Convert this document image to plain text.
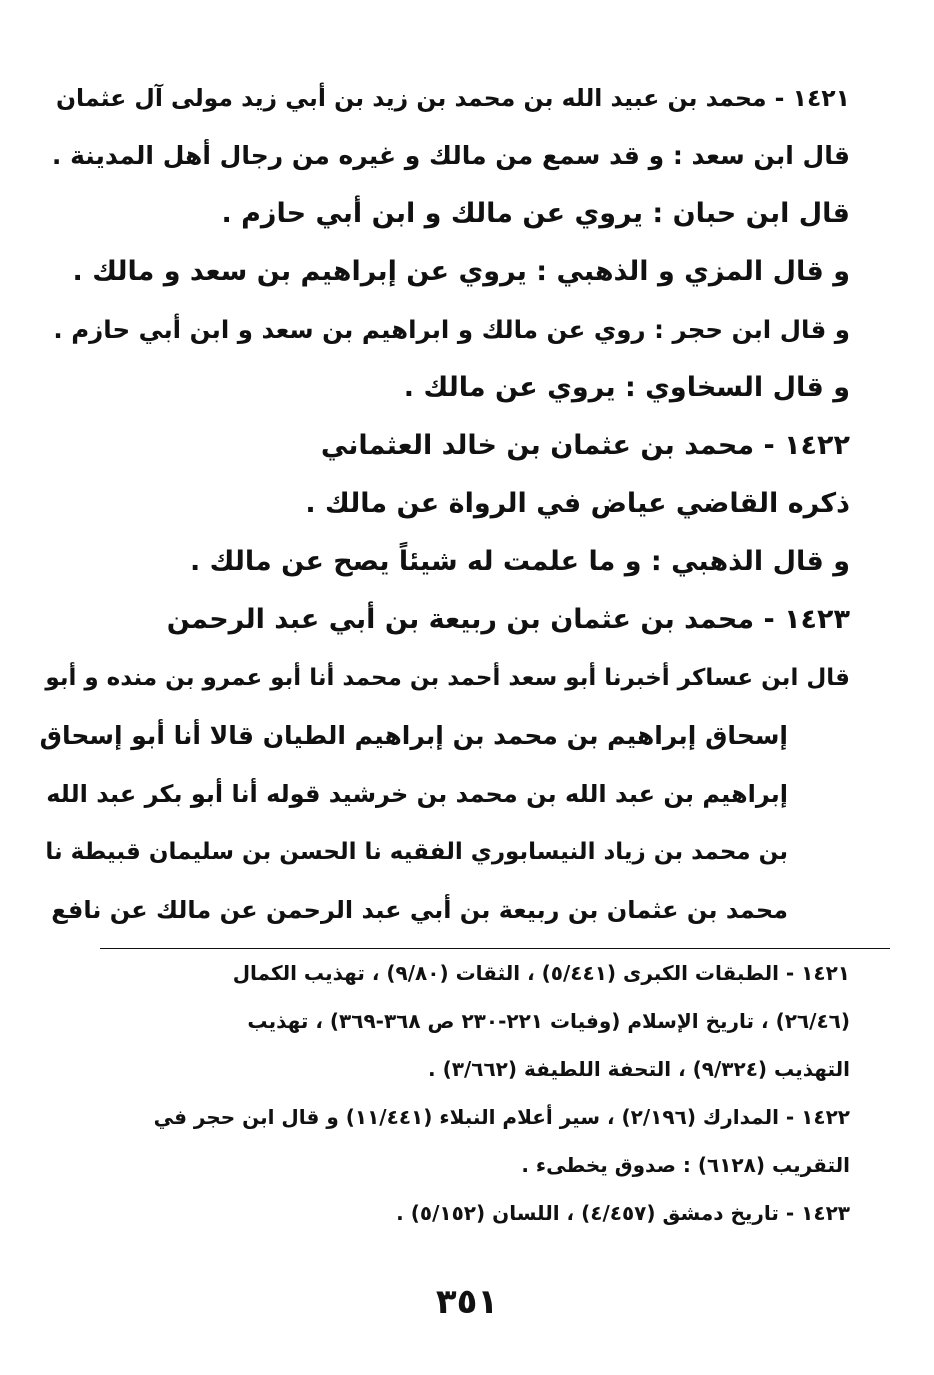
١٤٢١ - محمد بن عبيد الله بن محمد بن زيد بن أبي زيد مولى آل عثمان
قال ابن سعد : و قد سمع من مالك و غيره من رجال أهل المدينة .
قال ابن حبان : يروي عن مالك و ابن أبي حازم .
و قال المزي و الذهبي : يروي عن إبراهيم بن سعد و مالك .
و قال ابن حجر : روي عن مالك و ابراهيم بن سعد و ابن أبي حازم .
و قال السخاوي : يروي عن مالك .
١٤٢٢ - محمد بن عثمان بن خالد العثماني
ذكره القاضي عياض في الرواة عن مالك .
و قال الذهبي : و ما علمت له شيئاً يصح عن مالك .
١٤٢٣ - محمد بن عثمان بن ربيعة بن أبي عبد الرحمن
قال ابن عساكر أخبرنا أبو سعد أحمد بن محمد أنا أبو عمرو بن منده و أبو
إسحاق إبراهيم بن محمد بن إبراهيم الطيان قالا أنا أبو إسحاق
إبراهيم بن عبد الله بن محمد بن خرشيد قوله أنا أبو بكر عبد الله
بن محمد بن زياد النيسابوري الفقيه نا الحسن بن سليمان قبيطة نا
محمد بن عثمان بن ربيعة بن أبي عبد الرحمن عن مالك عن نافع
١٤٢١ - الطبقات الكبرى (٥/٤٤١) ، الثقات (٩/٨٠) ، تهذيب الكمال
(٢٦/٤٦) ، تاريخ الإسلام (وفيات ٢٢١-٢٣٠ ص ٣٦٨-٣٦٩) ، تهذيب
التهذيب (٩/٣٢٤) ، التحفة اللطيفة (٣/٦٦٢) .
١٤٢٢ - المدارك (٢/١٩٦) ، سير أعلام النبلاء (١١/٤٤١) و قال ابن حجر في
التقريب (٦١٢٨) : صدوق يخطىء .
١٤٢٣ - تاريخ دمشق (٤/٤٥٧) ، اللسان (٥/١٥٢) .
٣٥١
